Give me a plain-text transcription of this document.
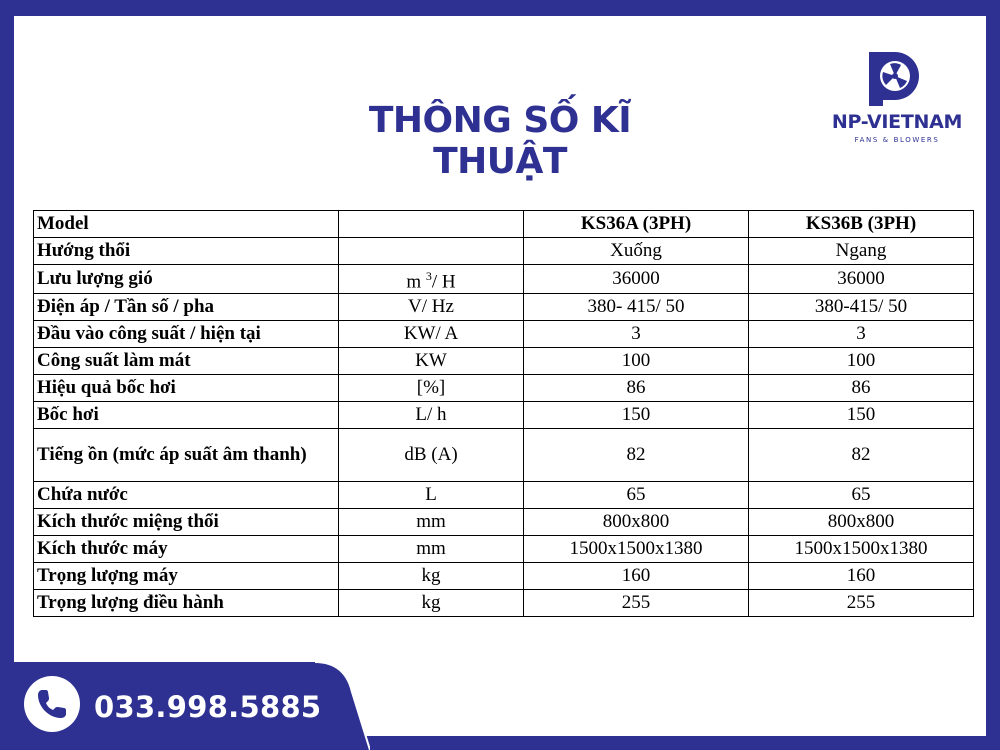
THÔNG SỐ KĨ THUẬT
NP-VIETNAM
FANS & BLOWERS
Model		KS36A (3PH)	KS36B (3PH)
Hướng thổi		Xuống	Ngang
Lưu lượng gió	m $^3$/ H	36000	36000
Điện áp / Tần số / pha	V/ Hz	380- 415/ 50	380-415/ 50
Đầu vào công suất / hiện tại	KW/ A	3	3
Công suất làm mát	KW	100	100
Hiệu quả bốc hơi	[%]	86	86
Bốc hơi	L/ h	150	150
Tiếng ồn (mức áp suất âm thanh)	dB (A)	82	82
Chứa nước	L	65	65
Kích thước miệng thổi	mm	800x800	800x800
Kích thước máy	mm	1500x1500x1380	1500x1500x1380
Trọng lượng máy	kg	160	160
Trọng lượng điều hành	kg	255	255
033.998.5885
